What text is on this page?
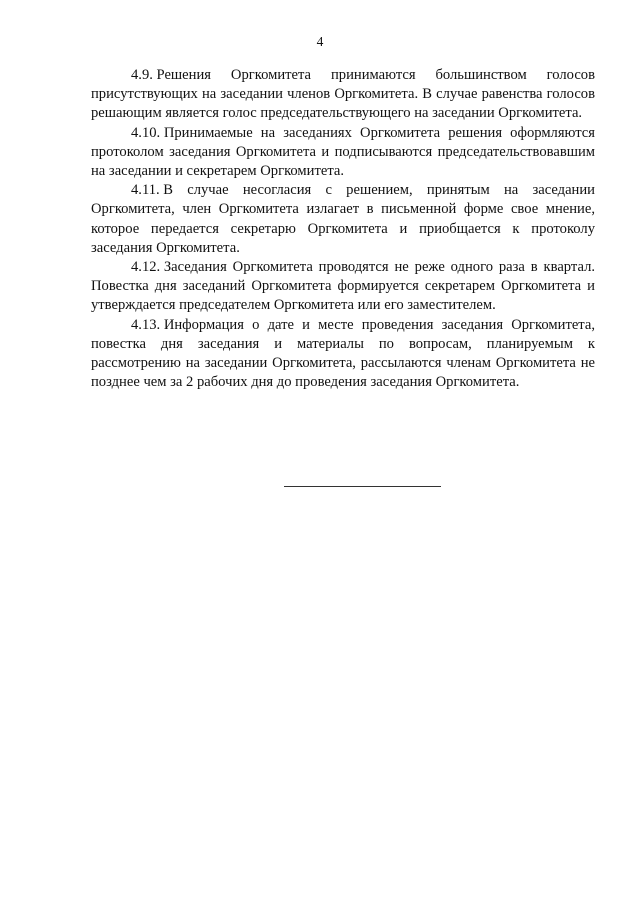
4

4.9. Решения Оргкомитета принимаются большинством голосов присутствующих на заседании членов Оргкомитета. В случае равенства голосов решающим является голос председательствующего на заседании Оргкомитета.

4.10. Принимаемые на заседаниях Оргкомитета решения оформляются протоколом заседания Оргкомитета и подписываются председательствовавшим на заседании и секретарем Оргкомитета.

4.11. В случае несогласия с решением, принятым на заседании Оргкомитета, член Оргкомитета излагает в письменной форме свое мнение, которое передается секретарю Оргкомитета и приобщается к протоколу заседания Оргкомитета.

4.12. Заседания Оргкомитета проводятся не реже одного раза в квартал. Повестка дня заседаний Оргкомитета формируется секретарем Оргкомитета и утверждается председателем Оргкомитета или его заместителем.

4.13. Информация о дате и месте проведения заседания Оргкомитета, повестка дня заседания и материалы по вопросам, планируемым к рассмотрению на заседании Оргкомитета, рассылаются членам Оргкомитета не позднее чем за 2 рабочих дня до проведения заседания Оргкомитета.
